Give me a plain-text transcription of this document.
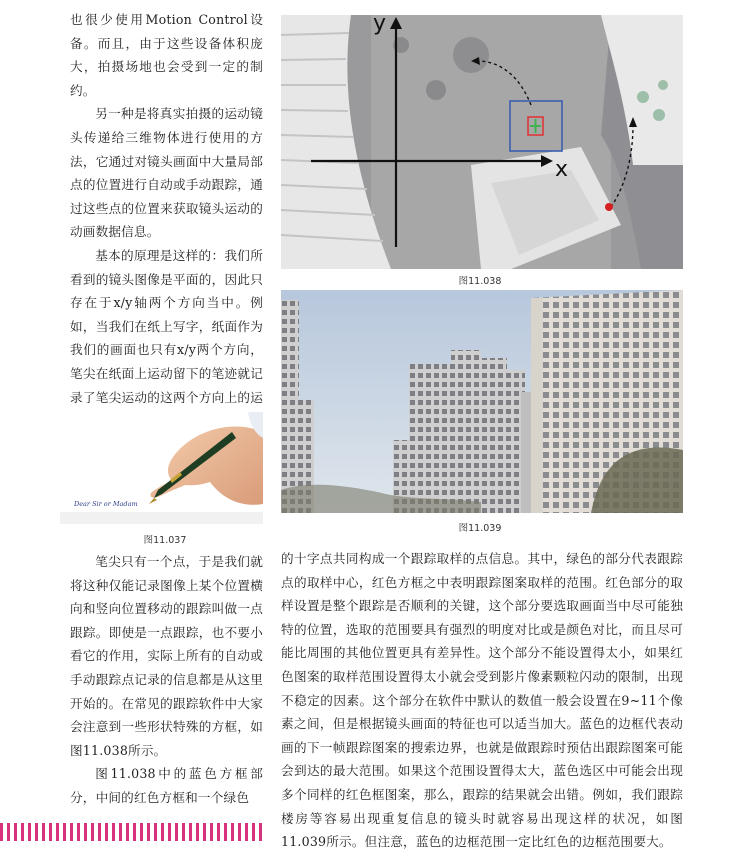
也很少使用Motion Control设备。而且，由于这些设备体积庞大，拍摄场地也会受到一定的制约。

另一种是将真实拍摄的运动镜头传递给三维物体进行使用的方法，它通过对镜头画面中大量局部点的位置进行自动或手动跟踪，通过这些点的位置来获取镜头运动的动画数据信息。

基本的原理是这样的：我们所看到的镜头图像是平面的，因此只存在于x/y轴两个方向当中。例如，当我们在纸上写字，纸面作为我们的画面也只有x/y两个方向，笔尖在纸面上运动留下的笔迹就记录了笔尖运动的这两个方向上的运

Dear Sir or Madam
图11.037

笔尖只有一个点，于是我们就将这种仅能记录图像上某个位置横向和竖向位置移动的跟踪叫做一点跟踪。即使是一点跟踪，也不要小看它的作用，实际上所有的自动或手动跟踪点记录的信息都是从这里开始的。在常见的跟踪软件中大家会注意到一些形状特殊的方框，如图11.038所示。

图11.038中的蓝色方框部分，中间的红色方框和一个绿色

y
x
图11.038
图11.039

的十字点共同构成一个跟踪取样的点信息。其中，绿色的部分代表跟踪点的取样中心，红色方框之中表明跟踪图案取样的范围。红色部分的取样设置是整个跟踪是否顺利的关键，这个部分要选取画面当中尽可能独特的位置，选取的范围要具有强烈的明度对比或是颜色对比，而且尽可能比周围的其他位置更具有差异性。这个部分不能设置得太小，如果红色图案的取样范围设置得太小就会受到影片像素颗粒闪动的限制，出现不稳定的因素。这个部分在软件中默认的数值一般会设置在9~11个像素之间，但是根据镜头画面的特征也可以适当加大。蓝色的边框代表动画的下一帧跟踪图案的搜索边界，也就是做跟踪时预估出跟踪图案可能会到达的最大范围。如果这个范围设置得太大，蓝色选区中可能会出现多个同样的红色框图案，那么，跟踪的结果就会出错。例如，我们跟踪楼房等容易出现重复信息的镜头时就容易出现这样的状况，如图11.039所示。但注意，蓝色的边框范围一定比红色的边框范围要大。
